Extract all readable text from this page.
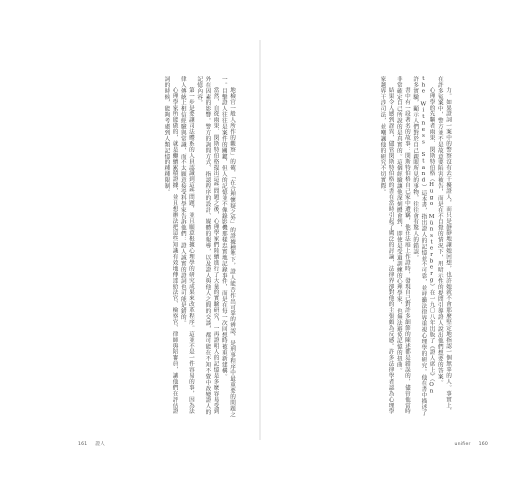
地檢官一般人所作的觀察」的確，「在合理懷疑之外」的證據標準下，證人能否作出可靠的辨認，是刑事程序中最重要的問題之一。目擊證人往往是案件的關鍵，但人的記憶並不像錄影機那樣忠實地記錄事件，而是在每一次回想時被重新建構。

當然，自從雨果．閔斯特伯格提出這些問題之後，心理學家們陸續進行了大量的實驗研究，一再證明人的記憶是多麼容易受到外在因素的影響。警方的詢問方式、指認程序的設計、媒體的報導，以及證人與他人之間的交談，都可能在不知不覺中改變證人的記憶內容。

第一步是要讓司法體系的人員認識到這些問題，並且願意根據心理學的研究成果來改革程序。這並不是一件容易的事，因為法律人傳統上相信經驗與常識，而不太願意接受科學家告訴他們：證人誠實的證詞也可能是錯的。

心理學家所能做的，就是繼續累積證據，並且想辦法把這些知識有效地傳達給法官、檢察官、律師與陪審員，讓他們在評估證詞的時候，能夠考慮到人類記憶的種種限制。

161 證人

力。如果證詞一案中的警察沒有去干擾證人，而只是靜靜地讓她回想，也許她就不會那麼堅定地指認一個無辜的人。事實上，在許多冤案中，警方並不是故意要陷害被告，而是在不自覺的情況下，用暗示性的提問引導證人說出他們想要的答案。

心理學的先驅者雨果．閔斯特伯格（Hugo Münsterberg）在一九〇八年出版了《證人席上》（On the Witness Stand）這本書，指出證人的記憶並不可靠，並呼籲法律界重視心理學的研究。他在書中描述了許多實驗，顯示人們對於自己親眼所見的事物，往往會有驚人的錯誤。

書中有一段著名的故事：閔斯特伯格自己家中遭竊，他在法庭上作證時，發現自己對許多細節的陳述都是錯誤的，儘管他當時非常確定自己所說的是真實的。這個經驗讓他深刻體會到，即使是受過訓練的心理學家，也無法避免記憶的扭曲。

結果令人感到訝異，儘管閔斯特伯格的書在當時引起了廣泛的討論，法律界卻對他的主張頗為反感。許多法律學者認為心理學家越界干涉司法，並嘲諷他的研究不切實際。

unifier 160
